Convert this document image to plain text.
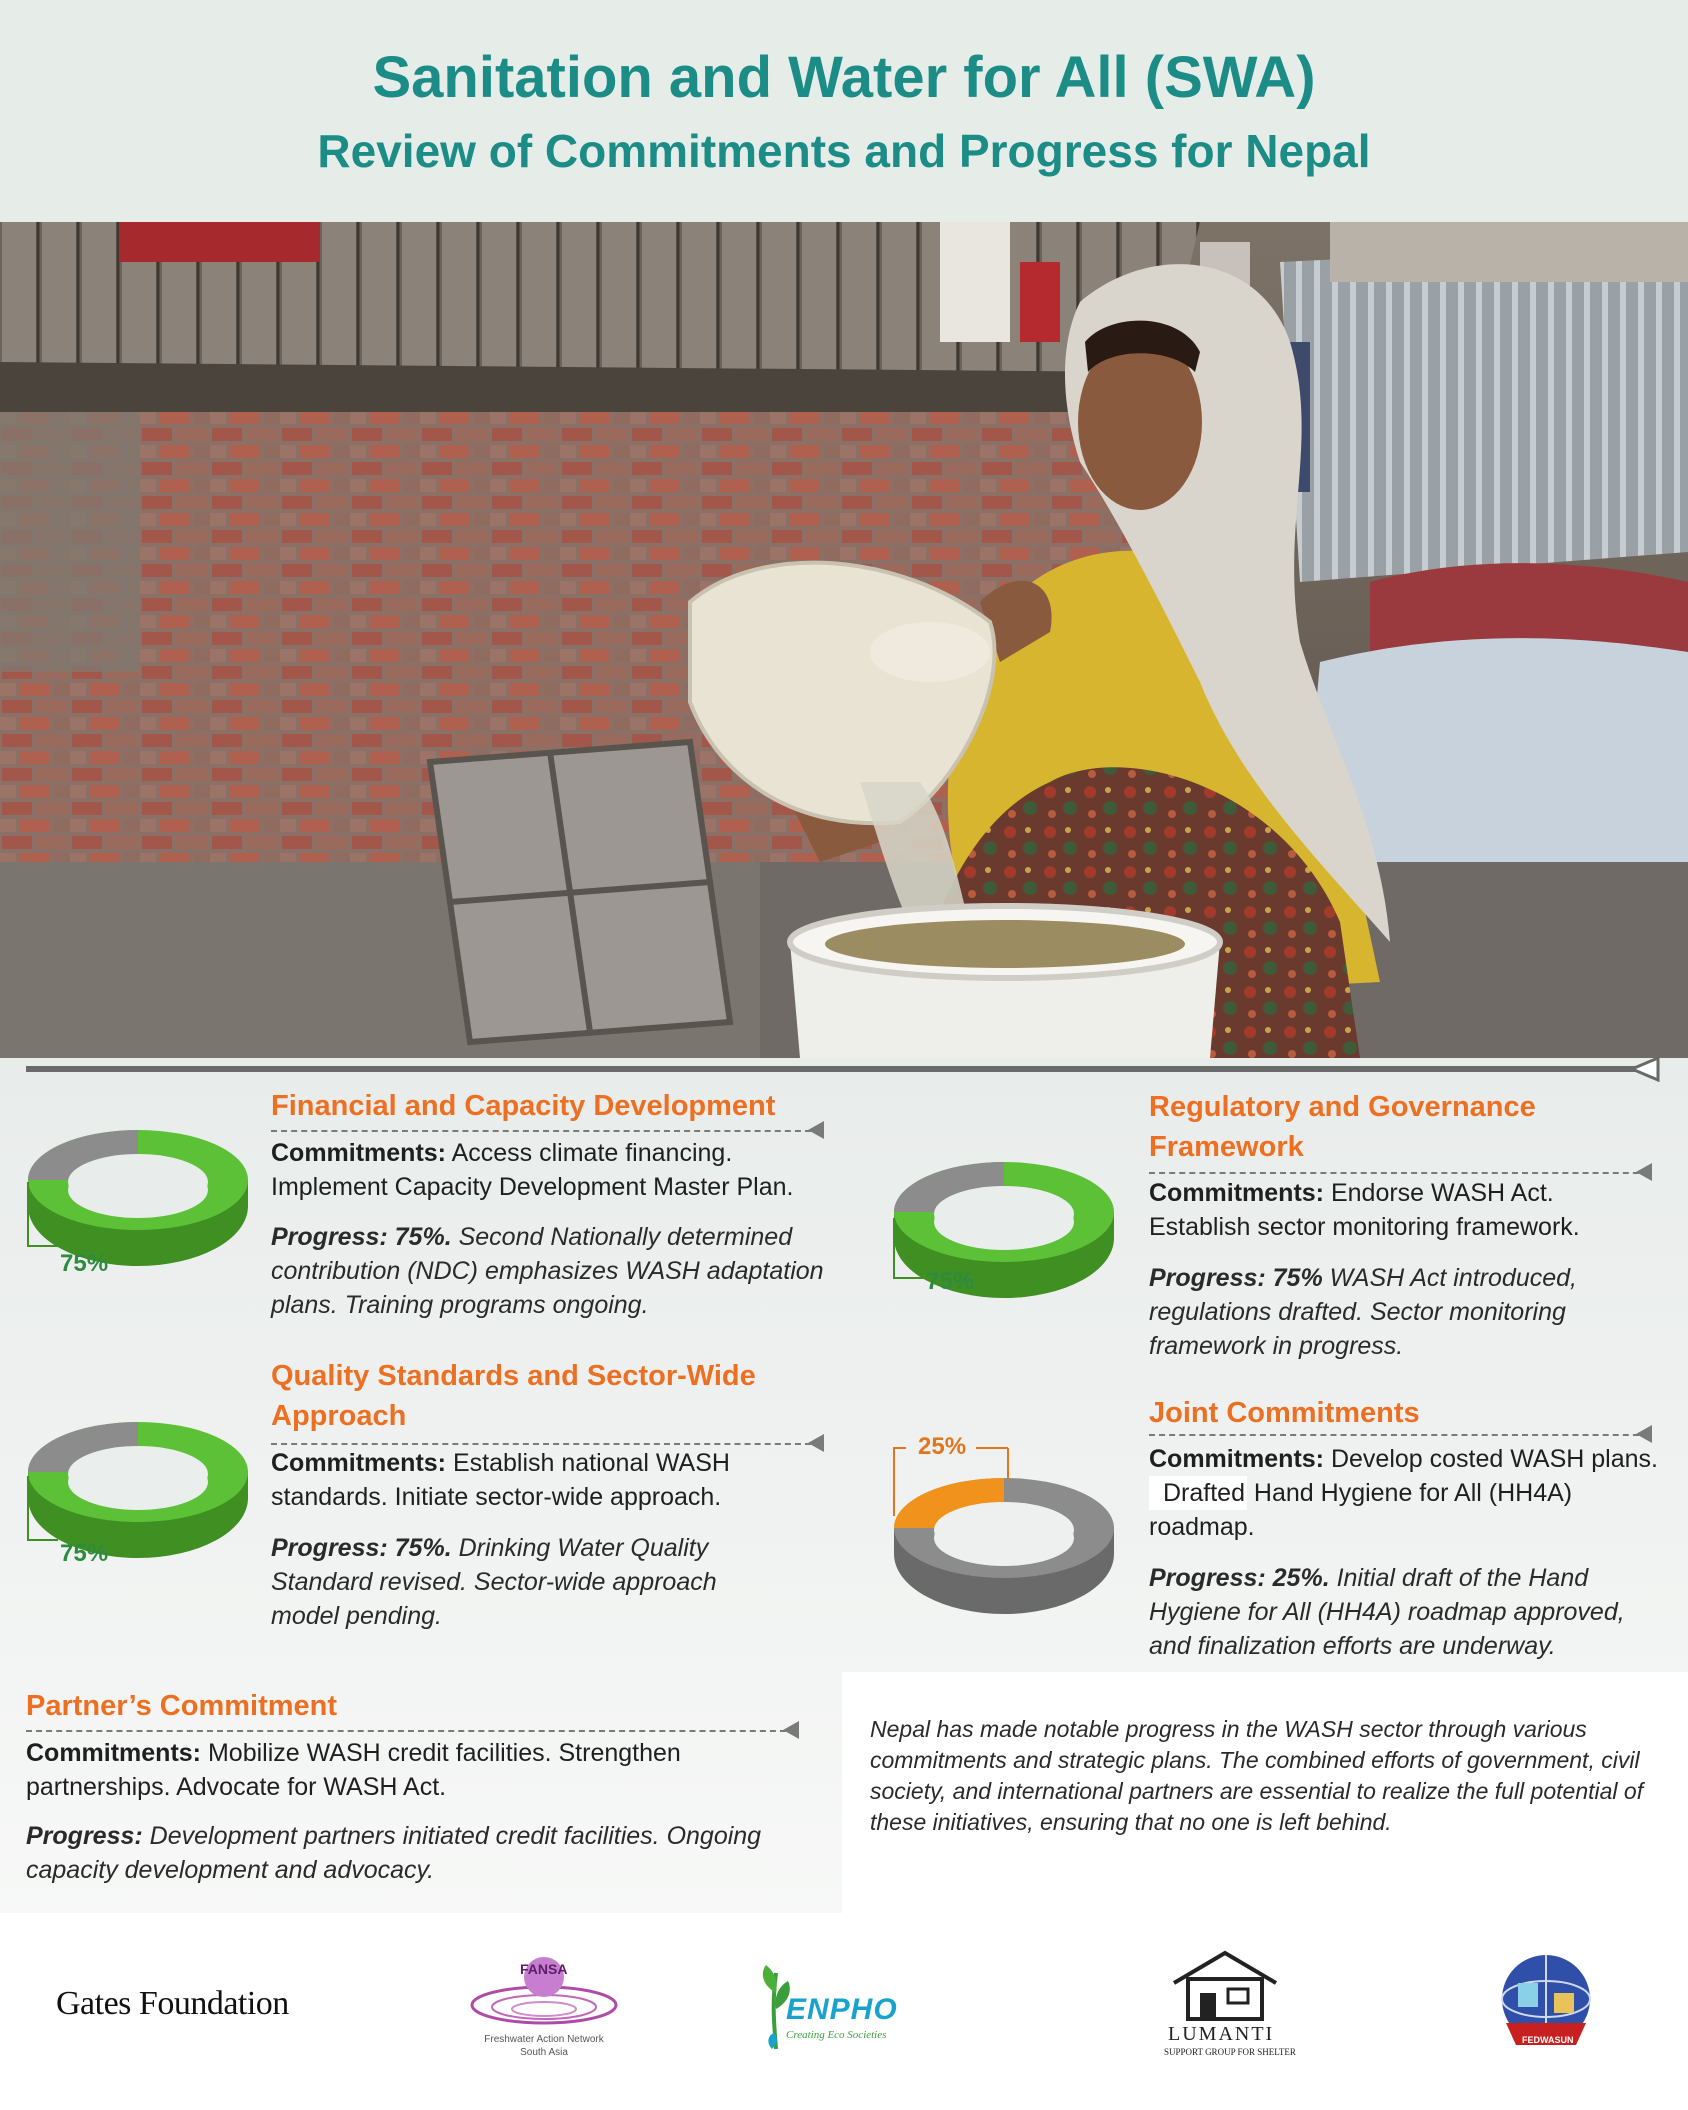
Sanitation and Water for All (SWA)
Review of Commitments and Progress for Nepal
Financial and Capacity Development
Commitments: Access climate financing. Implement Capacity Development Master Plan.
Progress: 75%. Second Nationally determined contribution (NDC) emphasizes WASH adaptation plans. Training programs ongoing.
75%
Quality Standards and Sector-Wide
Approach
Commitments: Establish national WASH standards. Initiate sector-wide approach.
Progress: 75%. Drinking Water Quality Standard revised. Sector-wide approach model pending.
75%
Regulatory and Governance
Framework
Commitments: Endorse WASH Act. Establish sector monitoring framework.
Progress: 75% WASH Act introduced, regulations drafted. Sector monitoring framework in progress.
75%
Joint Commitments
Commitments: Develop costed WASH plans.
Drafted Hand Hygiene for All (HH4A) roadmap.
Progress: 25%. Initial draft of the Hand Hygiene for All (HH4A) roadmap approved, and finalization efforts are underway.
25%
Partner’s Commitment
Commitments: Mobilize WASH credit facilities. Strengthen partnerships. Advocate for WASH Act.
Progress: Development partners initiated credit facilities. Ongoing capacity development and advocacy.

Nepal has made notable progress in the WASH sector through various commitments and strategic plans. The combined efforts of government, civil society, and international partners are essential to realize the full potential of these initiatives, ensuring that no one is left behind.

Gates Foundation
FANSA
Freshwater Action Network
South Asia
ENPHO
Creating Eco Societies	LUMANTI
SUPPORT GROUP FOR SHELTER
FEDWASUN
